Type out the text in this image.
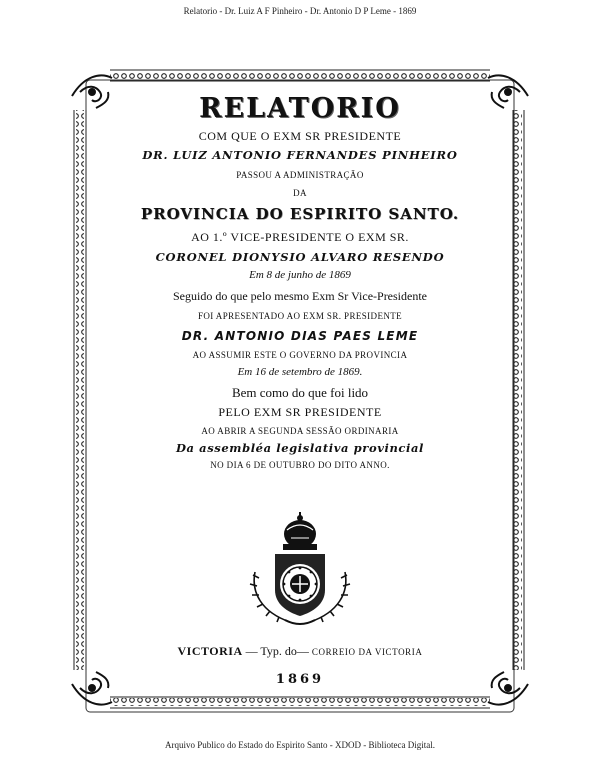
Relatorio - Dr. Luiz A F Pinheiro - Dr. Antonio D P Leme - 1869
RELATORIO
COM QUE O EXM SR PRESIDENTE
DR. LUIZ ANTONIO FERNANDES PINHEIRO
PASSOU A ADMINISTRAÇÃO
DA
PROVINCIA DO ESPIRITO SANTO.
AO 1.º VICE-PRESIDENTE O EXM SR.
CORONEL DIONYSIO ALVARO RESENDO
Em 8 de junho de 1869
Seguido do que pelo mesmo Exm Sr Vice-Presidente
FOI APRESENTADO AO EXM SR. PRESIDENTE
DR. ANTONIO DIAS PAES LEME
AO ASSUMIR ESTE O GOVERNO DA PROVINCIA
Em 16 de setembro de 1869.
Bem como do que foi lido
PELO EXM SR PRESIDENTE
AO ABRIR A SEGUNDA SESSÃO ORDINARIA
Da assembléa legislativa provincial
NO DIA 6 DE OUTUBRO DO DITO ANNO.
VICTORIA — Typ. do— CORREIO DA VICTORIA
1869
Arquivo Publico do Estado do Espirito Santo - XDOD - Biblioteca Digital.
